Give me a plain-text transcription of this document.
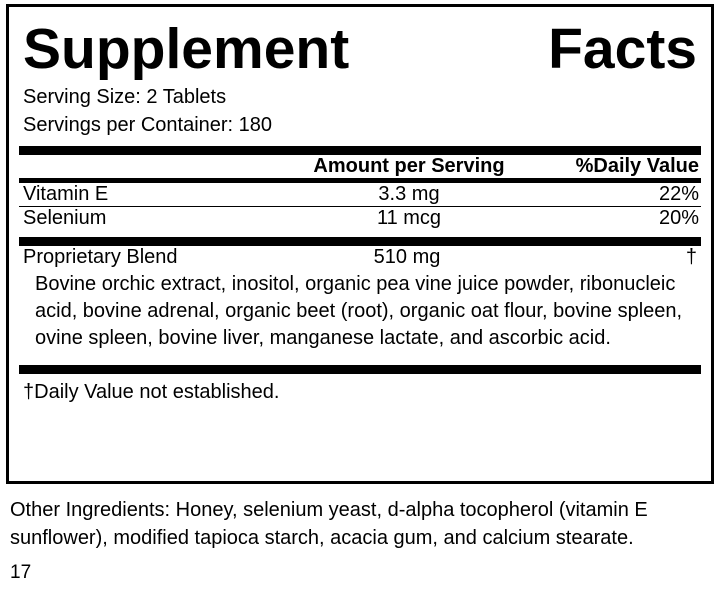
Supplement	Facts
Serving Size: 2 Tablets
Servings per Container: 180
	Amount per Serving	%Daily Value
Vitamin E	3.3 mg	22%
Selenium	11 mcg	20%
Proprietary Blend	510 mg	†
Bovine orchic extract, inositol, organic pea vine juice powder, ribonucleic acid, bovine adrenal, organic beet (root), organic oat flour, bovine spleen, ovine spleen, bovine liver, manganese lactate, and ascorbic acid.
†Daily Value not established.
Other Ingredients: Honey, selenium yeast, d-alpha tocopherol (vitamin E sunflower), modified tapioca starch, acacia gum, and calcium stearate.
17
